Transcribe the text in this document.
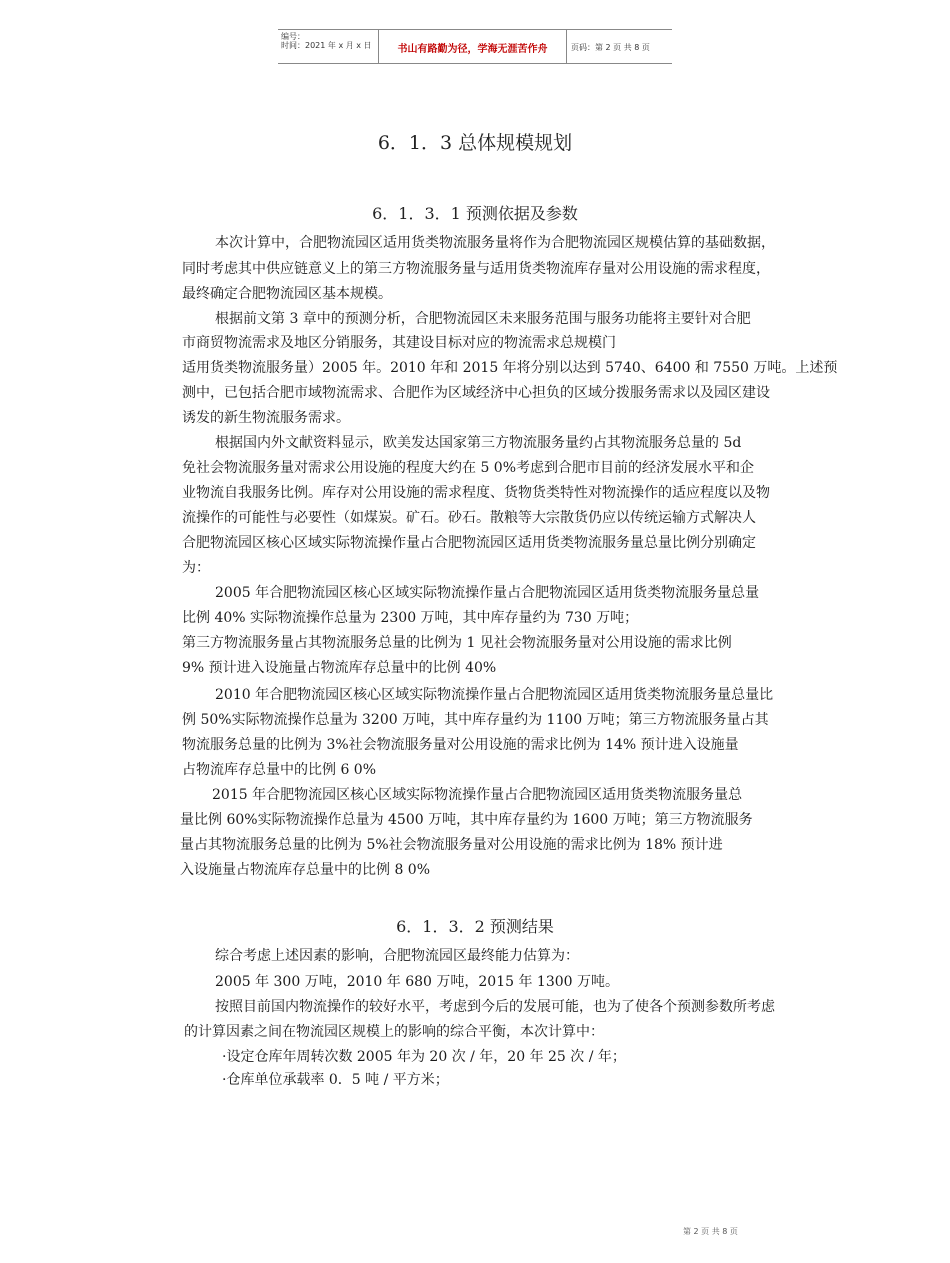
编号：
时间：2021 年 x 月 x 日	书山有路勤为径，学海无涯苦作舟	页码：第 2 页 共 8 页
6．1．3 总体规模规划
6．1．3．1 预测依据及参数
本次计算中，合肥物流园区适用货类物流服务量将作为合肥物流园区规模估算的基础数据，
同时考虑其中供应链意义上的第三方物流服务量与适用货类物流库存量对公用设施的需求程度，
最终确定合肥物流园区基本规模。
根据前文第 3 章中的预测分析，合肥物流园区未来服务范围与服务功能将主要针对合肥
市商贸物流需求及地区分销服务，其建设目标对应的物流需求总规模门
适用货类物流服务量）2005 年。2010 年和 2015 年将分别以达到 5740、6400 和 7550 万吨。上述预
测中，已包括合肥市域物流需求、合肥作为区域经济中心担负的区域分拨服务需求以及园区建设
诱发的新生物流服务需求。
根据国内外文献资料显示，欧美发达国家第三方物流服务量约占其物流服务总量的 5d
免社会物流服务量对需求公用设施的程度大约在 5 0%考虑到合肥市目前的经济发展水平和企
业物流自我服务比例。库存对公用设施的需求程度、货物货类特性对物流操作的适应程度以及物
流操作的可能性与必要性（如煤炭。矿石。砂石。散粮等大宗散货仍应以传统运输方式解决人
合肥物流园区核心区域实际物流操作量占合肥物流园区适用货类物流服务量总量比例分别确定
为：
2005 年合肥物流园区核心区域实际物流操作量占合肥物流园区适用货类物流服务量总量
比例 40% 实际物流操作总量为 2300 万吨，其中库存量约为 730 万吨；
第三方物流服务量占其物流服务总量的比例为 1 见社会物流服务量对公用设施的需求比例
9% 预计进入设施量占物流库存总量中的比例 40%
2010 年合肥物流园区核心区域实际物流操作量占合肥物流园区适用货类物流服务量总量比
例 50%实际物流操作总量为 3200 万吨，其中库存量约为 1100 万吨；第三方物流服务量占其
物流服务总量的比例为 3%社会物流服务量对公用设施的需求比例为 14% 预计进入设施量
占物流库存总量中的比例 6 0%
2015 年合肥物流园区核心区域实际物流操作量占合肥物流园区适用货类物流服务量总
量比例 60%实际物流操作总量为 4500 万吨，其中库存量约为 1600 万吨；第三方物流服务
量占其物流服务总量的比例为 5%社会物流服务量对公用设施的需求比例为 18% 预计进
入设施量占物流库存总量中的比例 8 0%
6．1．3．2 预测结果
综合考虑上述因素的影响，合肥物流园区最终能力估算为：
2005 年 300 万吨，2010 年 680 万吨，2015 年 1300 万吨。
按照目前国内物流操作的较好水平，考虑到今后的发展可能，也为了使各个预测参数所考虑
的计算因素之间在物流园区规模上的影响的综合平衡，本次计算中：
·设定仓库年周转次数 2005 年为 20 次 / 年，20 年 25 次 / 年；
·仓库单位承载率 0．5 吨 / 平方米；
第 2 页 共 8 页
